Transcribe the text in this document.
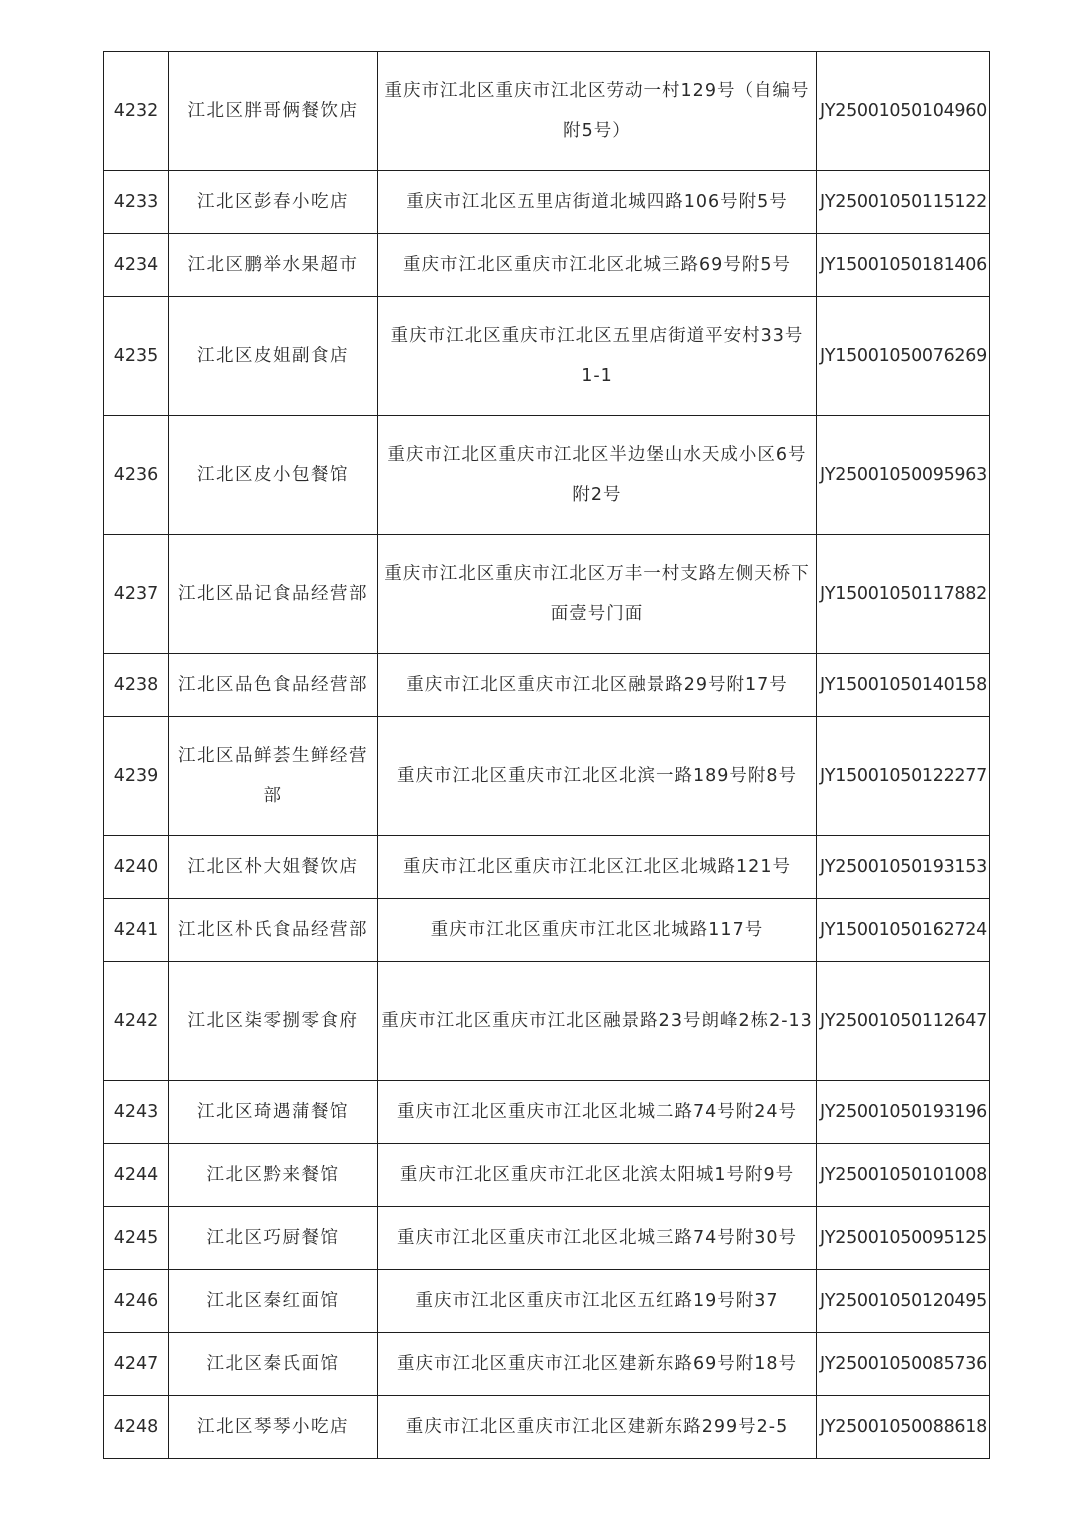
4232	江北区胖哥俩餐饮店	重庆市江北区重庆市江北区劳动一村129号（自编号附5号）	JY25001050104960
4233	江北区彭春小吃店	重庆市江北区五里店街道北城四路106号附5号	JY25001050115122
4234	江北区鹏举水果超市	重庆市江北区重庆市江北区北城三路69号附5号	JY15001050181406
4235	江北区皮姐副食店	重庆市江北区重庆市江北区五里店街道平安村33号1-1	JY15001050076269
4236	江北区皮小包餐馆	重庆市江北区重庆市江北区半边堡山水天成小区6号附2号	JY25001050095963
4237	江北区品记食品经营部	重庆市江北区重庆市江北区万丰一村支路左侧天桥下面壹号门面	JY15001050117882
4238	江北区品色食品经营部	重庆市江北区重庆市江北区融景路29号附17号	JY15001050140158
4239	江北区品鲜荟生鲜经营部	重庆市江北区重庆市江北区北滨一路189号附8号	JY15001050122277
4240	江北区朴大姐餐饮店	重庆市江北区重庆市江北区江北区北城路121号	JY25001050193153
4241	江北区朴氏食品经营部	重庆市江北区重庆市江北区北城路117号	JY15001050162724
4242	江北区柒零捌零食府	重庆市江北区重庆市江北区融景路23号朗峰2栋2-13	JY25001050112647
4243	江北区琦遇蒲餐馆	重庆市江北区重庆市江北区北城二路74号附24号	JY25001050193196
4244	江北区黔来餐馆	重庆市江北区重庆市江北区北滨太阳城1号附9号	JY25001050101008
4245	江北区巧厨餐馆	重庆市江北区重庆市江北区北城三路74号附30号	JY25001050095125
4246	江北区秦红面馆	重庆市江北区重庆市江北区五红路19号附37	JY25001050120495
4247	江北区秦氏面馆	重庆市江北区重庆市江北区建新东路69号附18号	JY25001050085736
4248	江北区琴琴小吃店	重庆市江北区重庆市江北区建新东路299号2-5	JY25001050088618
